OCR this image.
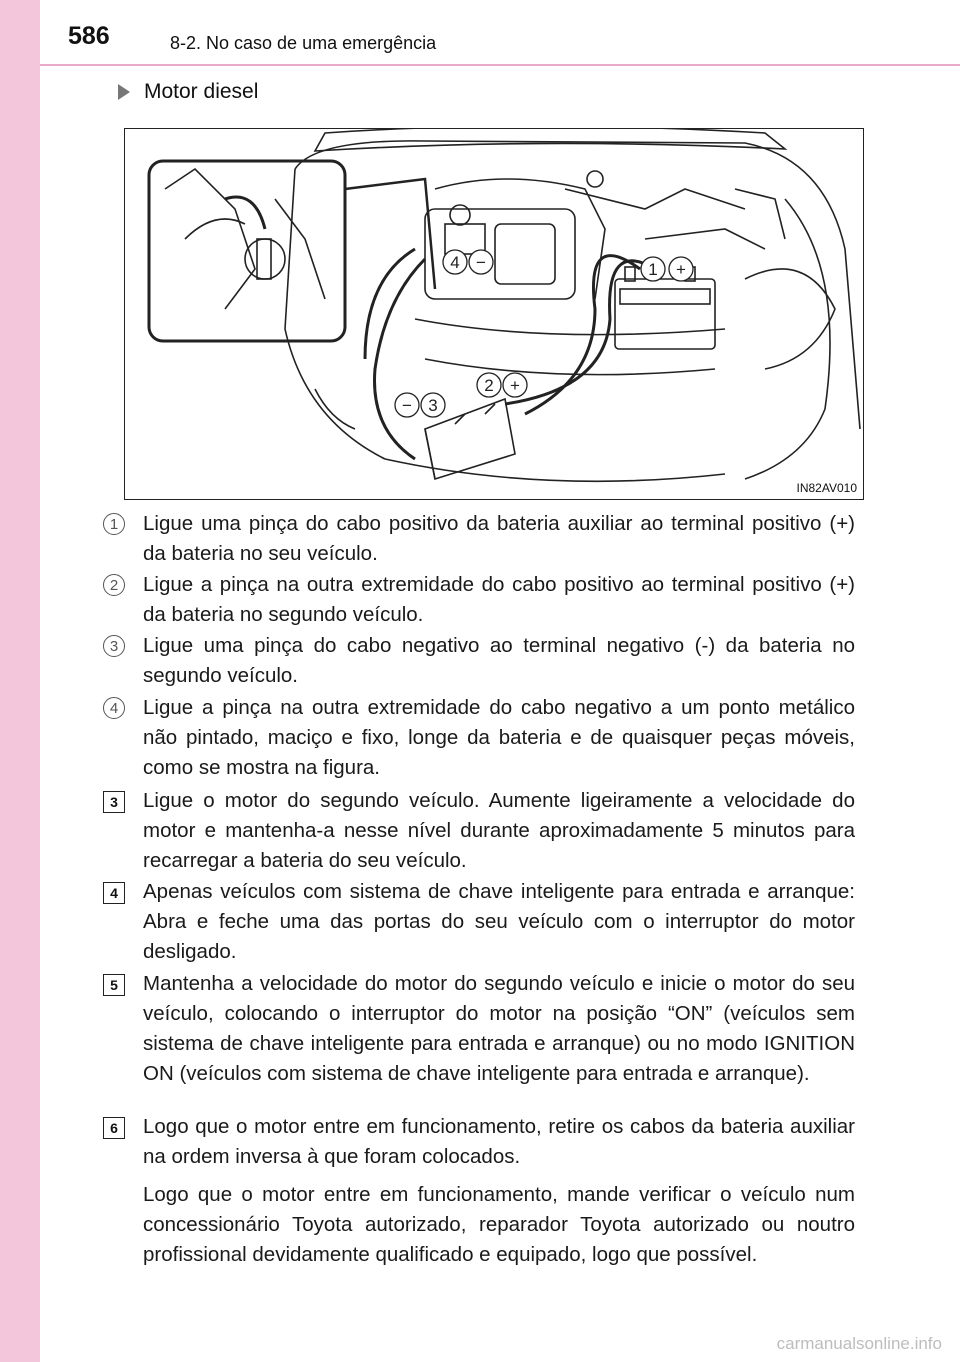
586	8-2. No caso de uma emergência
Motor diesel
4 −	1 +
2 +
− 3
IN82AV010
1	Ligue uma pinça do cabo positivo da bateria auxiliar ao terminal positivo (+) da bateria no seu veículo.
2	Ligue a pinça na outra extremidade do cabo positivo ao terminal positivo (+) da bateria no segundo veículo.
3	Ligue uma pinça do cabo negativo ao terminal negativo (-) da bateria no segundo veículo.
4	Ligue a pinça na outra extremidade do cabo negativo a um ponto metálico não pintado, maciço e fixo, longe da bateria e de quaisquer peças móveis, como se mostra na figura.
3	Ligue o motor do segundo veículo. Aumente ligeiramente a velocidade do motor e mantenha-a nesse nível durante aproximadamente 5 minutos para recarregar a bateria do seu veículo.
4	Apenas veículos com sistema de chave inteligente para entrada e arranque: Abra e feche uma das portas do seu veículo com o interruptor do motor desligado.
5	Mantenha a velocidade do motor do segundo veículo e inicie o motor do seu veículo, colocando o interruptor do motor na posição “ON” (veículos sem sistema de chave inteligente para entrada e arranque) ou no modo IGNITION ON (veículos com sistema de chave inteligente para entrada e arranque).
6	Logo que o motor entre em funcionamento, retire os cabos da bateria auxiliar na ordem inversa à que foram colocados.
Logo que o motor entre em funcionamento, mande verificar o veículo num concessionário Toyota autorizado, reparador Toyota autorizado ou noutro profissional devidamente qualificado e equipado, logo que possível.
carmanualsonline.info
